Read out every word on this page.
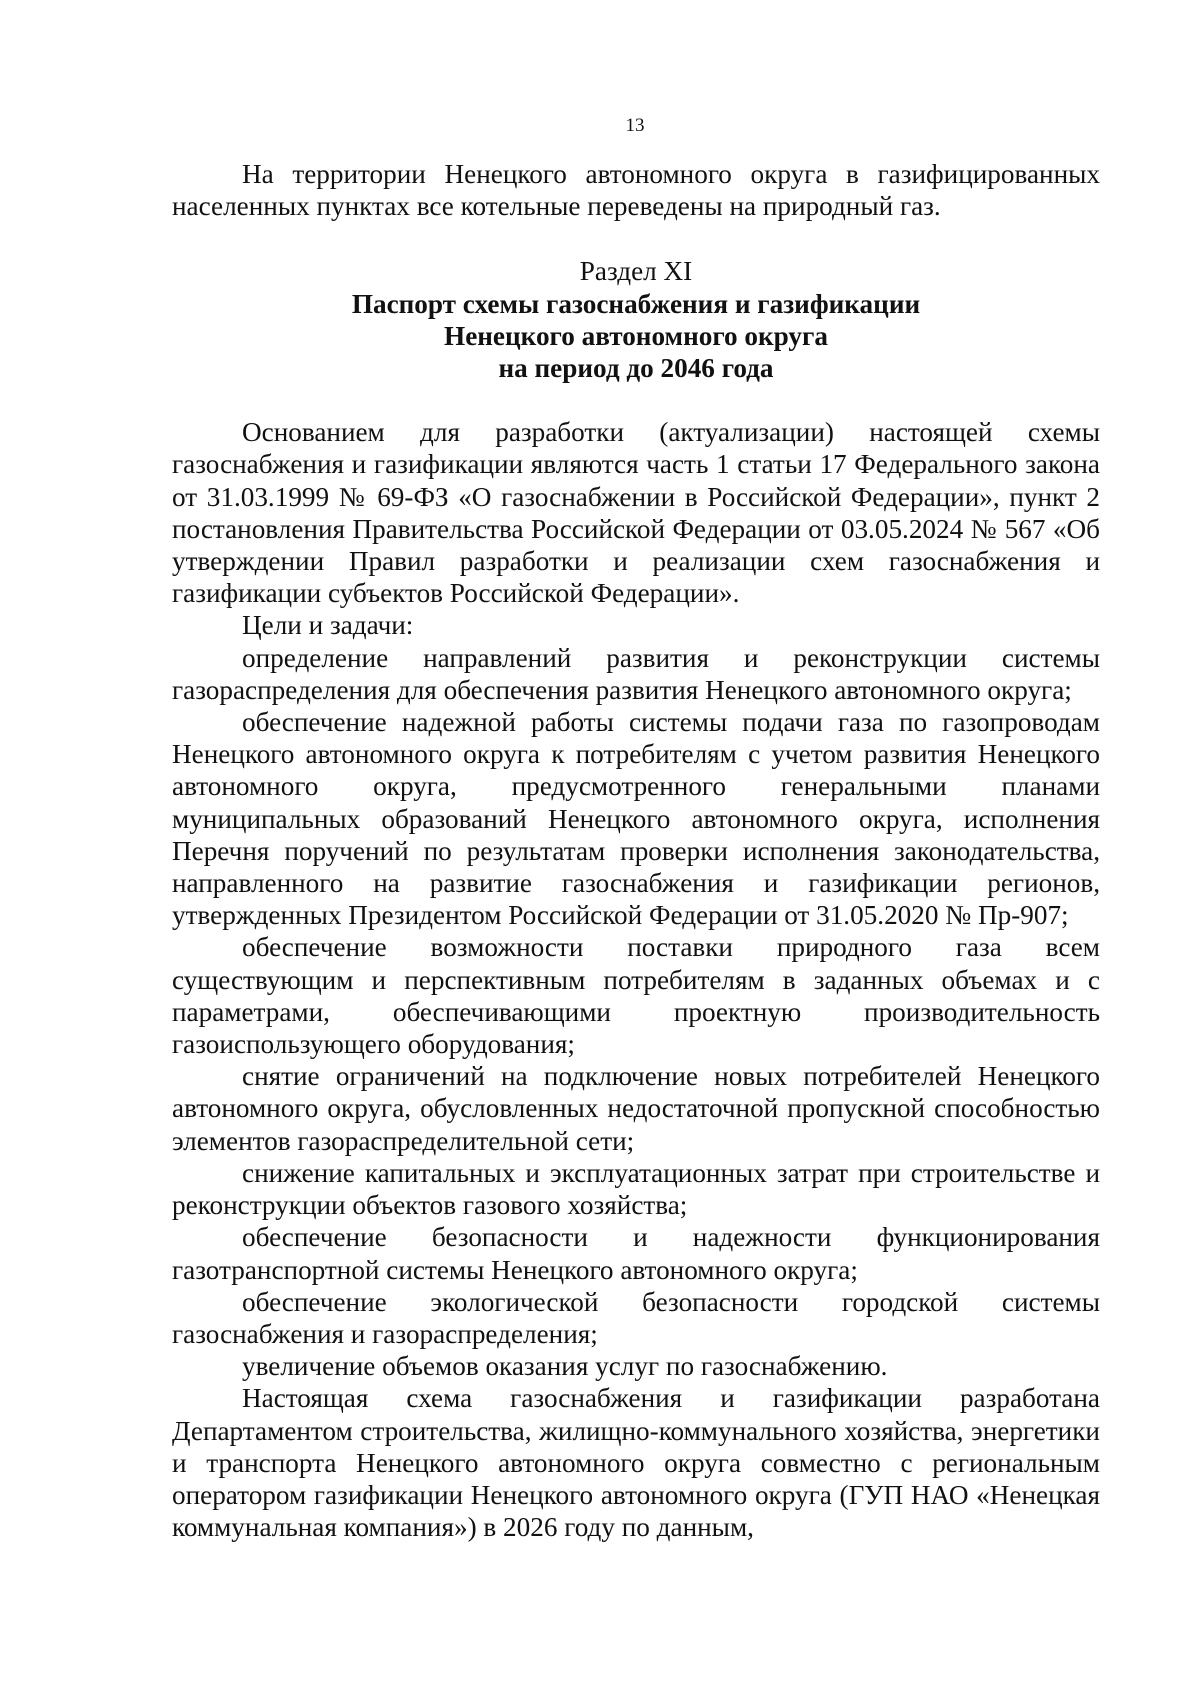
13

На территории Ненецкого автономного округа в газифицированных населенных пунктах все котельные переведены на природный газ.

Раздел XI

Паспорт схемы газоснабжения и газификации

Ненецкого автономного округа

на период до 2046 года

Основанием для разработки (актуализации) настоящей схемы газоснабжения и газификации являются часть 1 статьи 17 Федерального закона от 31.03.1999 № 69-ФЗ «О газоснабжении в Российской Федерации», пункт 2 постановления Правительства Российской Федерации от 03.05.2024 № 567 «Об утверждении Правил разработки и реализации схем газоснабжения и газификации субъектов Российской Федерации».

Цели и задачи:

определение направлений развития и реконструкции системы газораспределения для обеспечения развития Ненецкого автономного округа;

обеспечение надежной работы системы подачи газа по газопроводам Ненецкого автономного округа к потребителям с учетом развития Ненецкого автономного округа, предусмотренного генеральными планами муниципальных образований Ненецкого автономного округа, исполнения Перечня поручений по результатам проверки исполнения законодательства, направленного на развитие газоснабжения и газификации регионов, утвержденных Президентом Российской Федерации от 31.05.2020 № Пр-907;

обеспечение возможности поставки природного газа всем существующим и перспективным потребителям в заданных объемах и с параметрами, обеспечивающими проектную производительность газоиспользующего оборудования;

снятие ограничений на подключение новых потребителей Ненецкого автономного округа, обусловленных недостаточной пропускной способностью элементов газораспределительной сети;

снижение капитальных и эксплуатационных затрат при строительстве и реконструкции объектов газового хозяйства;

обеспечение безопасности и надежности функционирования газотранспортной системы Ненецкого автономного округа;

обеспечение экологической безопасности городской системы газоснабжения и газораспределения;

увеличение объемов оказания услуг по газоснабжению.

Настоящая схема газоснабжения и газификации разработана Департаментом строительства, жилищно-коммунального хозяйства, энергетики и транспорта Ненецкого автономного округа совместно с региональным оператором газификации Ненецкого автономного округа (ГУП НАО «Ненецкая коммунальная компания») в 2026 году по данным,
